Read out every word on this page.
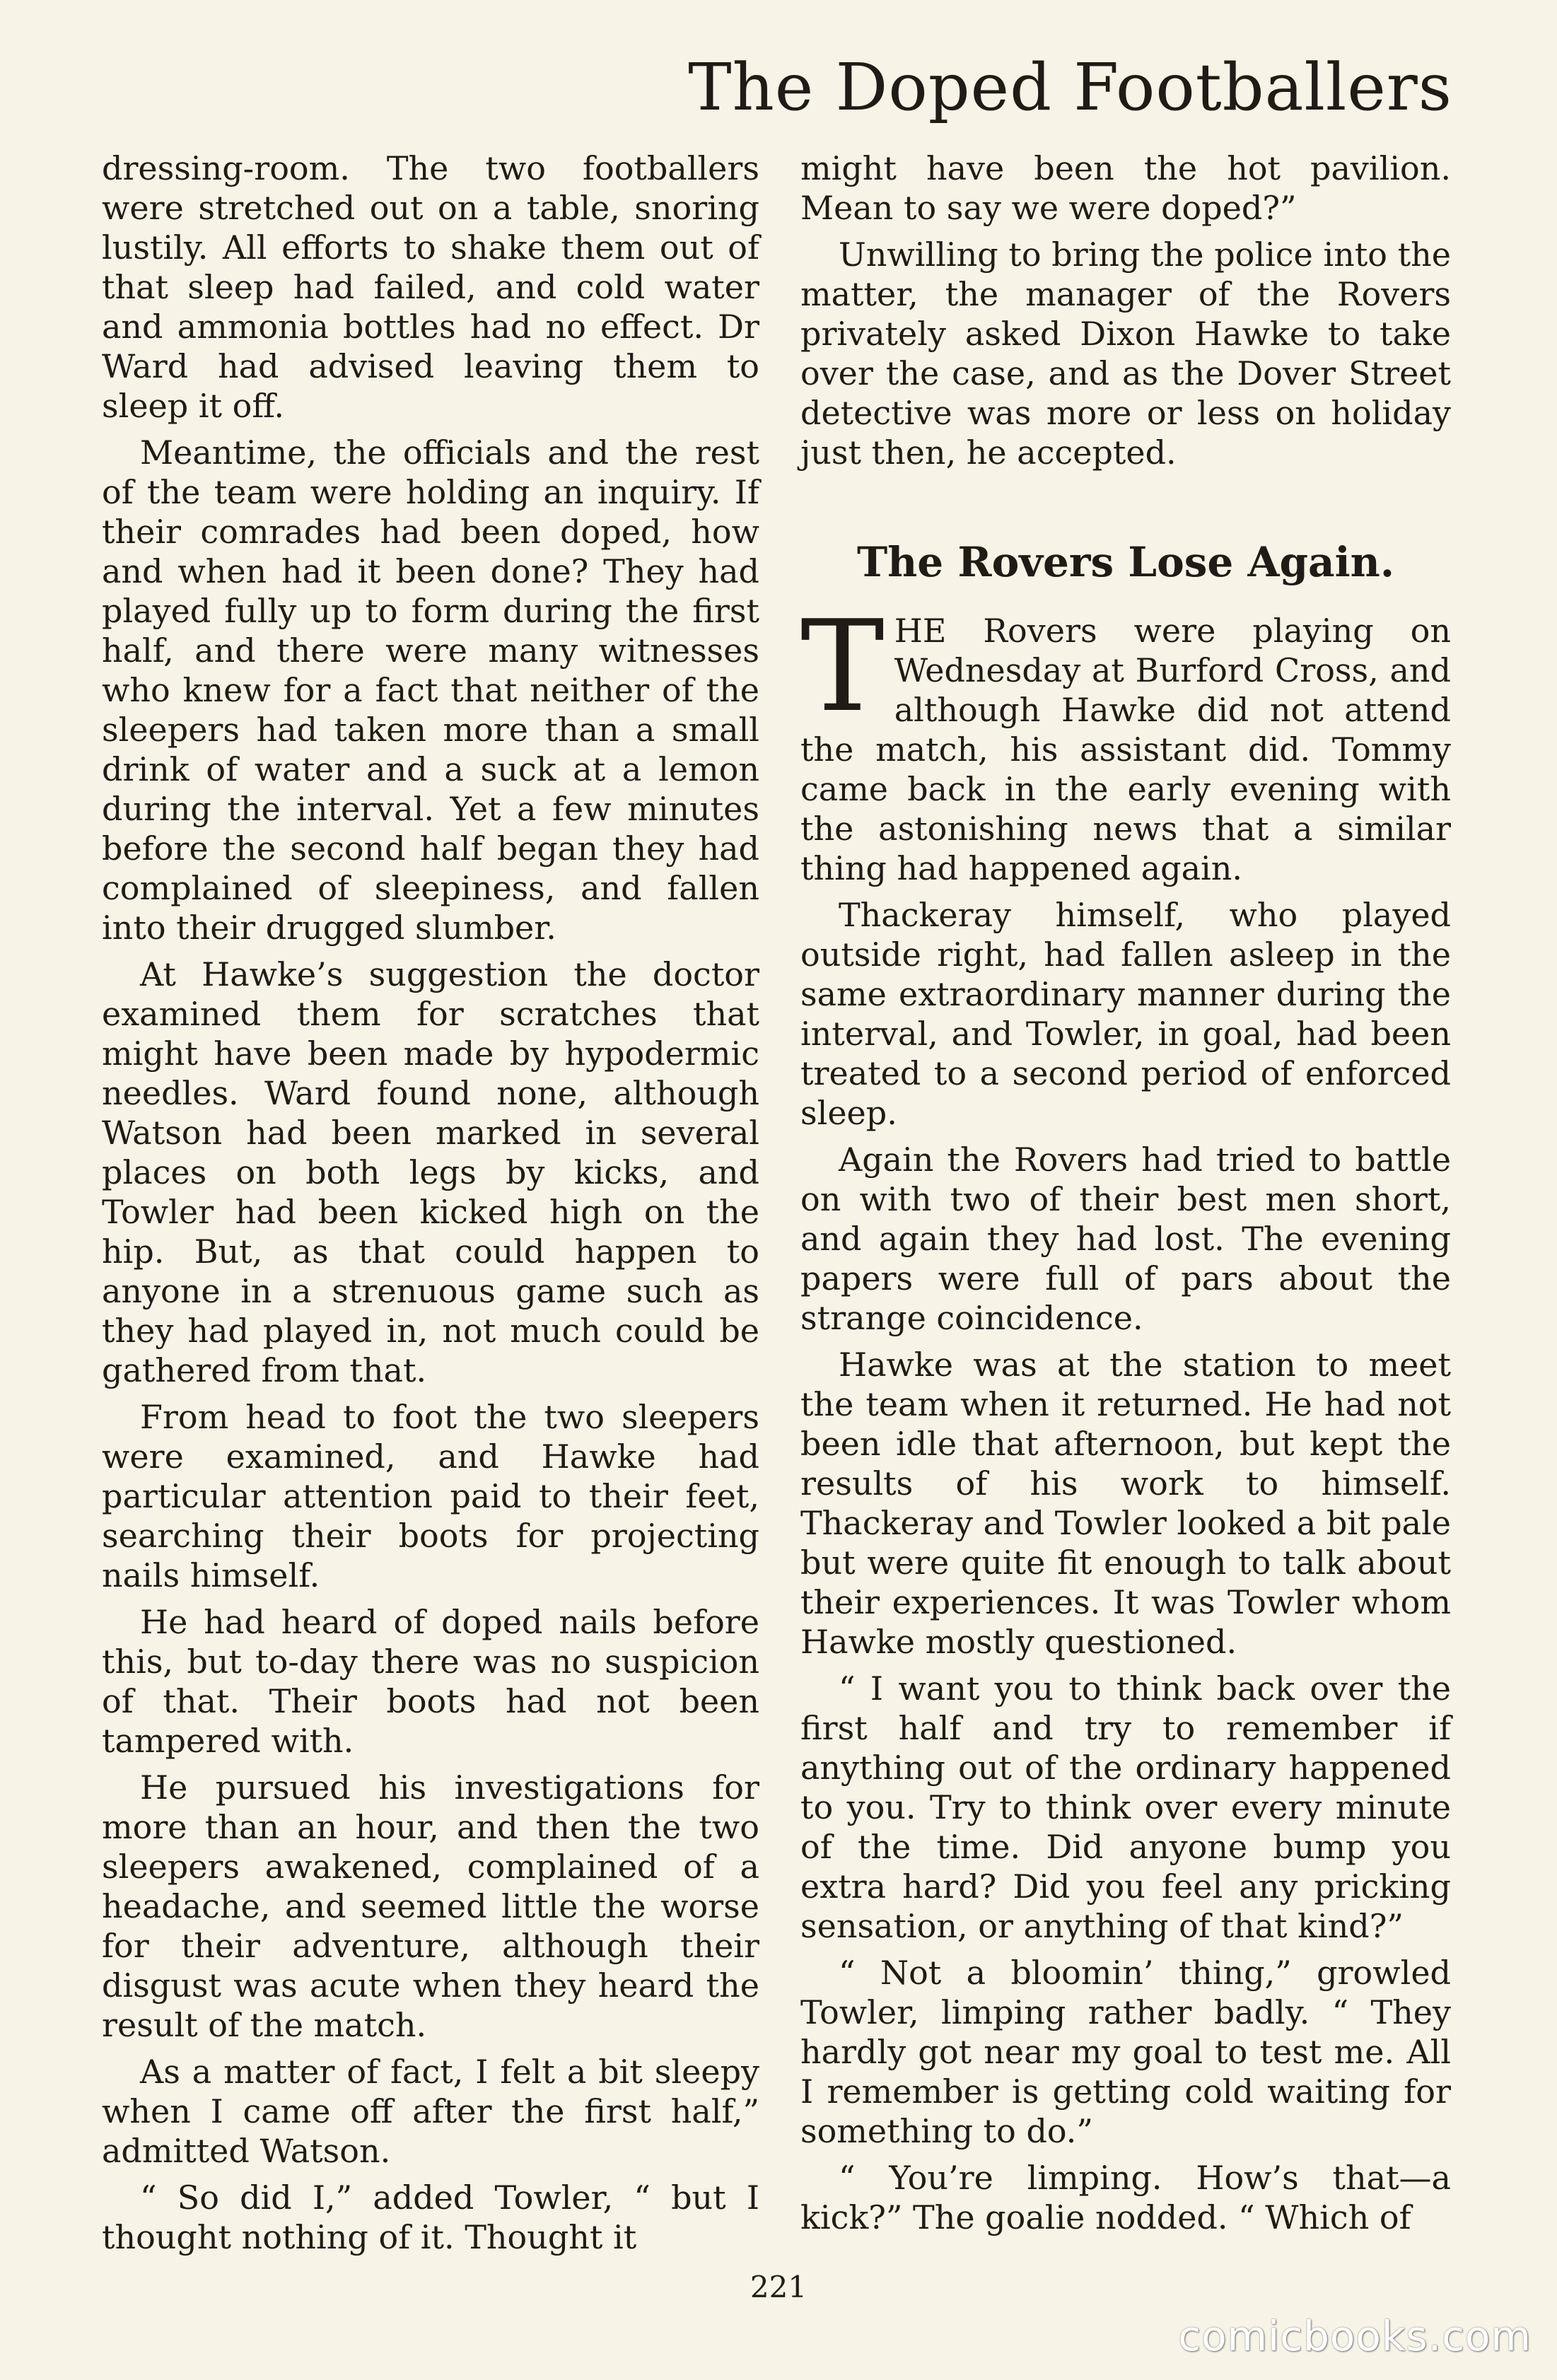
The Doped Footballers

dressing-room. The two footballers were stretched out on a table, snoring lustily. All efforts to shake them out of that sleep had failed, and cold water and ammonia bottles had no effect. Dr Ward had advised leaving them to sleep it off.

Meantime, the officials and the rest of the team were holding an inquiry. If their comrades had been doped, how and when had it been done? They had played fully up to form during the first half, and there were many witnesses who knew for a fact that neither of the sleepers had taken more than a small drink of water and a suck at a lemon during the interval. Yet a few minutes before the second half began they had complained of sleepiness, and fallen into their drugged slumber.

At Hawke’s suggestion the doctor examined them for scratches that might have been made by hypodermic needles. Ward found none, although Watson had been marked in several places on both legs by kicks, and Towler had been kicked high on the hip. But, as that could happen to anyone in a strenuous game such as they had played in, not much could be gathered from that.

From head to foot the two sleepers were examined, and Hawke had particular attention paid to their feet, searching their boots for projecting nails himself.

He had heard of doped nails before this, but to-day there was no suspicion of that. Their boots had not been tampered with.

He pursued his investigations for more than an hour, and then the two sleepers awakened, complained of a headache, and seemed little the worse for their adventure, although their disgust was acute when they heard the result of the match.

As a matter of fact, I felt a bit sleepy when I came off after the first half,” admitted Watson.

“ So did I,” added Towler, “ but I thought nothing of it. Thought it

might have been the hot pavilion. Mean to say we were doped?”

Unwilling to bring the police into the matter, the manager of the Rovers privately asked Dixon Hawke to take over the case, and as the Dover Street detective was more or less on holiday just then, he accepted.

The Rovers Lose Again.

THE Rovers were playing on Wednesday at Burford Cross, and although Hawke did not attend the match, his assistant did. Tommy came back in the early evening with the astonishing news that a similar thing had happened again.

Thackeray himself, who played outside right, had fallen asleep in the same extraordinary manner during the interval, and Towler, in goal, had been treated to a second period of enforced sleep.

Again the Rovers had tried to battle on with two of their best men short, and again they had lost. The evening papers were full of pars about the strange coincidence.

Hawke was at the station to meet the team when it returned. He had not been idle that afternoon, but kept the results of his work to himself. Thackeray and Towler looked a bit pale but were quite fit enough to talk about their experiences. It was Towler whom Hawke mostly questioned.

“ I want you to think back over the first half and try to remember if anything out of the ordinary happened to you. Try to think over every minute of the time. Did anyone bump you extra hard? Did you feel any pricking sensation, or anything of that kind?”

“ Not a bloomin’ thing,” growled Towler, limping rather badly. “ They hardly got near my goal to test me. All I remember is getting cold waiting for something to do.”

“ You’re limping. How’s that—a kick?” The goalie nodded. “ Which of

221
comicbooks.com
